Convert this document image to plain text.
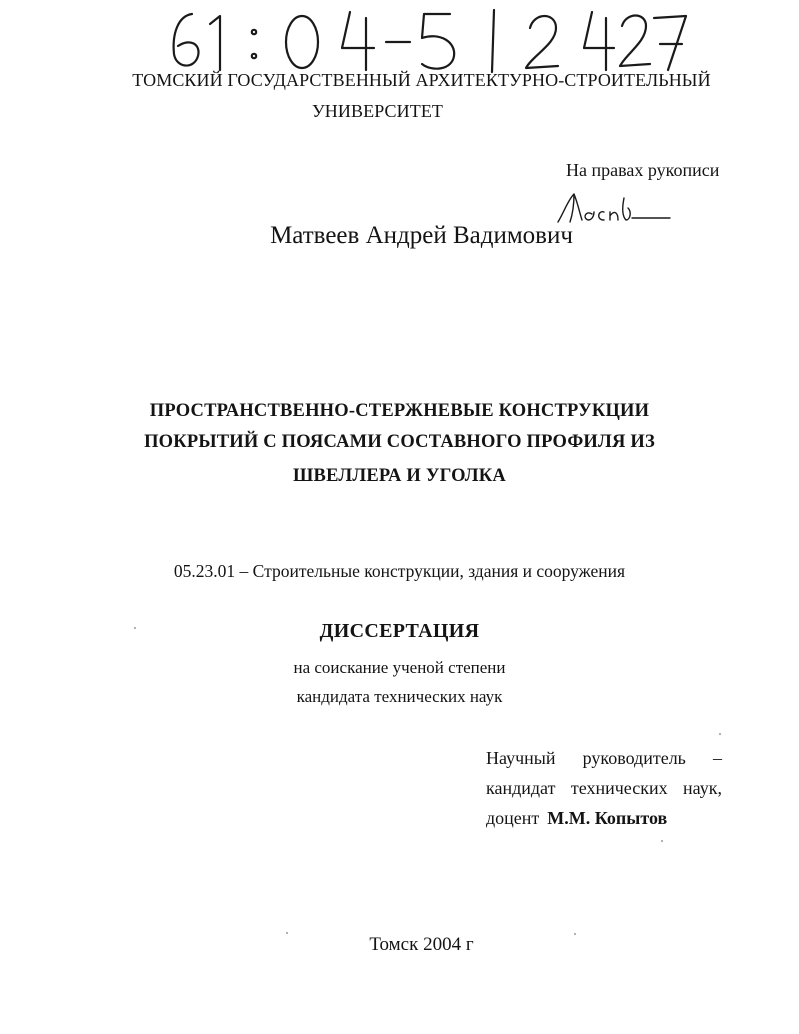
ТОМСКИЙ ГОСУДАРСТВЕННЫЙ АРХИТЕКТУРНО-СТРОИТЕЛЬНЫЙ
УНИВЕРСИТЕТ
На правах рукописи
Матвеев Андрей Вадимович
ПРОСТРАНСТВЕННО-СТЕРЖНЕВЫЕ КОНСТРУКЦИИ
ПОКРЫТИЙ С ПОЯСАМИ СОСТАВНОГО ПРОФИЛЯ ИЗ
ШВЕЛЛЕРА И УГОЛКА
05.23.01 – Строительные конструкции, здания и сооружения
ДИССЕРТАЦИЯ
на соискание ученой степени
кандидата технических наук
Научный руководитель –
кандидат технических наук,
доцент М.М. Копытов
Томск 2004 г
